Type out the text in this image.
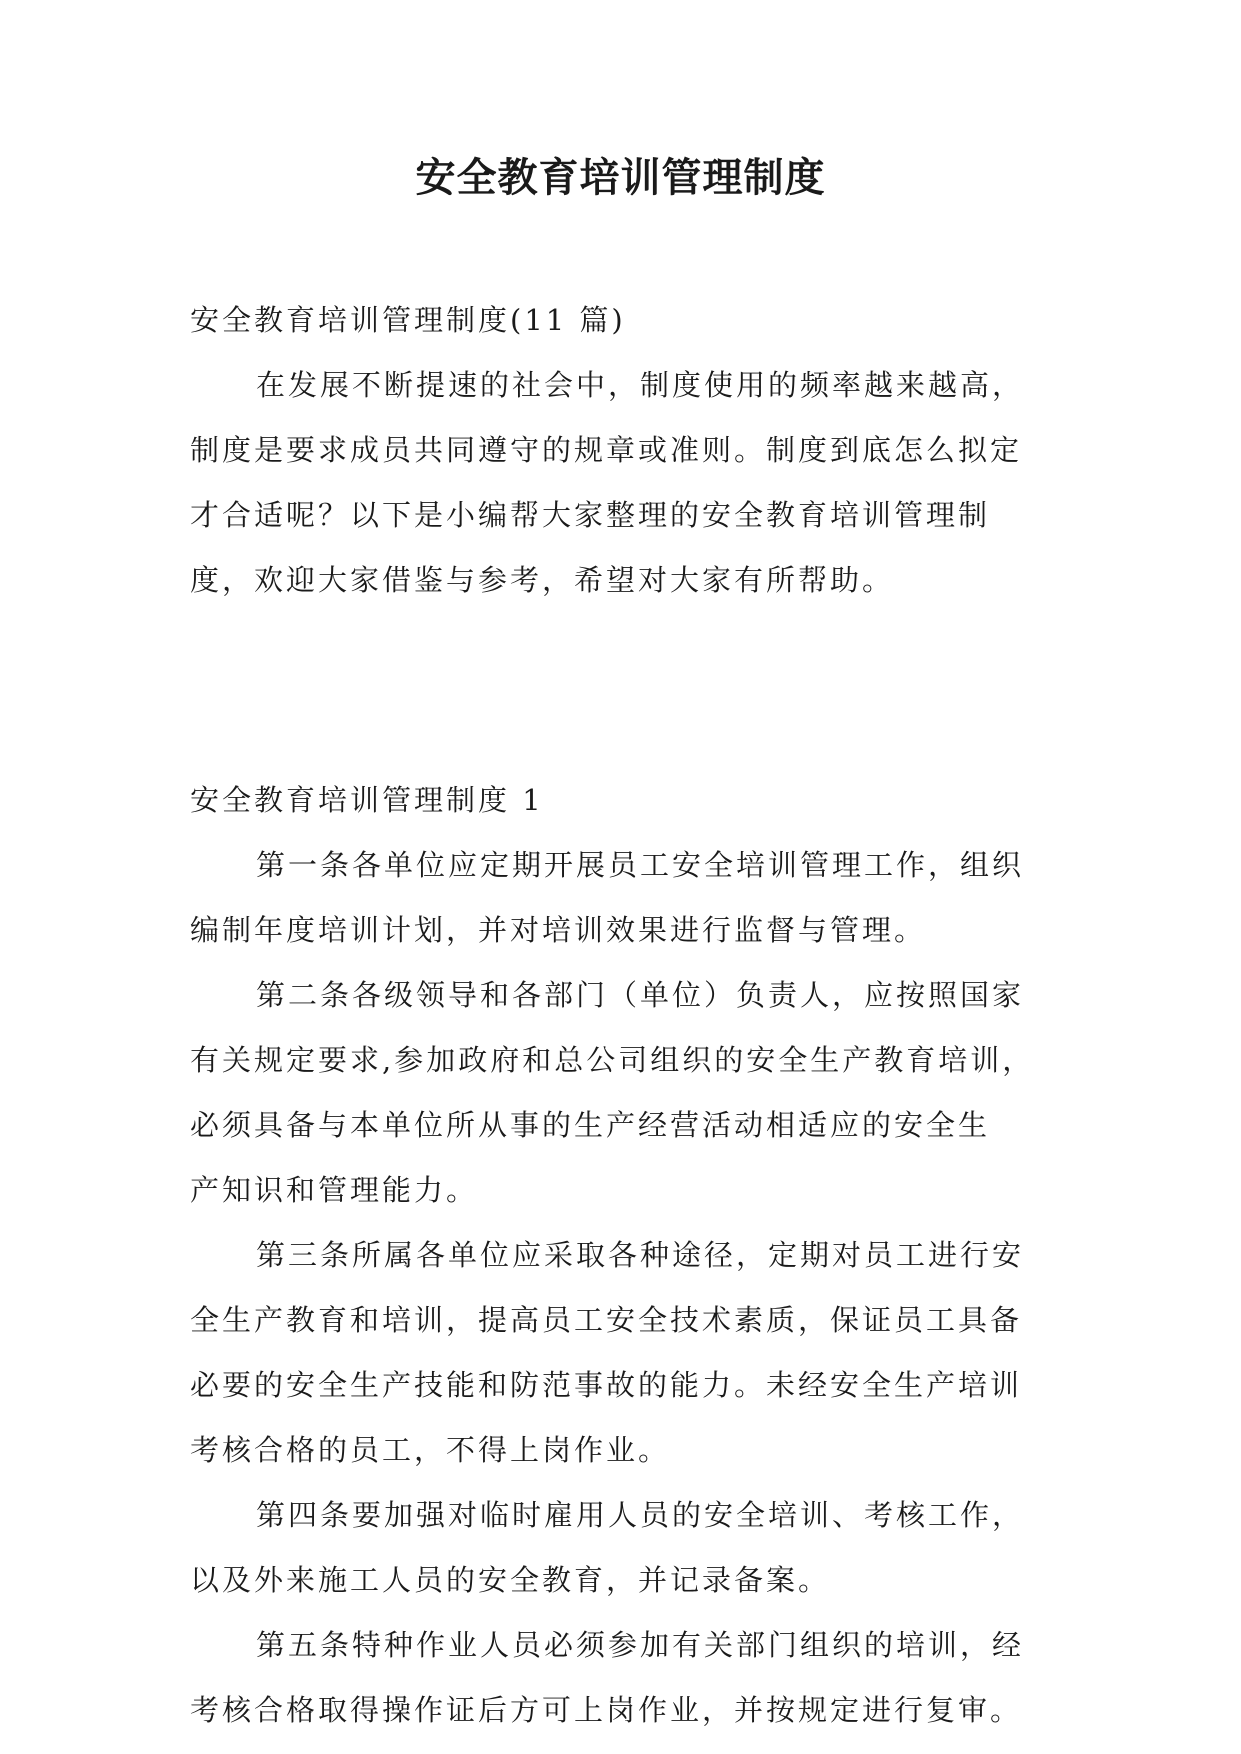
安全教育培训管理制度
安全教育培训管理制度(11 篇)
在发展不断提速的社会中，制度使用的频率越来越高，
制度是要求成员共同遵守的规章或准则。制度到底怎么拟定
才合适呢？以下是小编帮大家整理的安全教育培训管理制
度，欢迎大家借鉴与参考，希望对大家有所帮助。
安全教育培训管理制度 1
第一条各单位应定期开展员工安全培训管理工作，组织
编制年度培训计划，并对培训效果进行监督与管理。
第二条各级领导和各部门（单位）负责人，应按照国家
有关规定要求,参加政府和总公司组织的安全生产教育培训，
必须具备与本单位所从事的生产经营活动相适应的安全生
产知识和管理能力。
第三条所属各单位应采取各种途径，定期对员工进行安
全生产教育和培训，提高员工安全技术素质，保证员工具备
必要的安全生产技能和防范事故的能力。未经安全生产培训
考核合格的员工，不得上岗作业。
第四条要加强对临时雇用人员的安全培训、考核工作，
以及外来施工人员的安全教育，并记录备案。
第五条特种作业人员必须参加有关部门组织的培训，经
考核合格取得操作证后方可上岗作业，并按规定进行复审。
